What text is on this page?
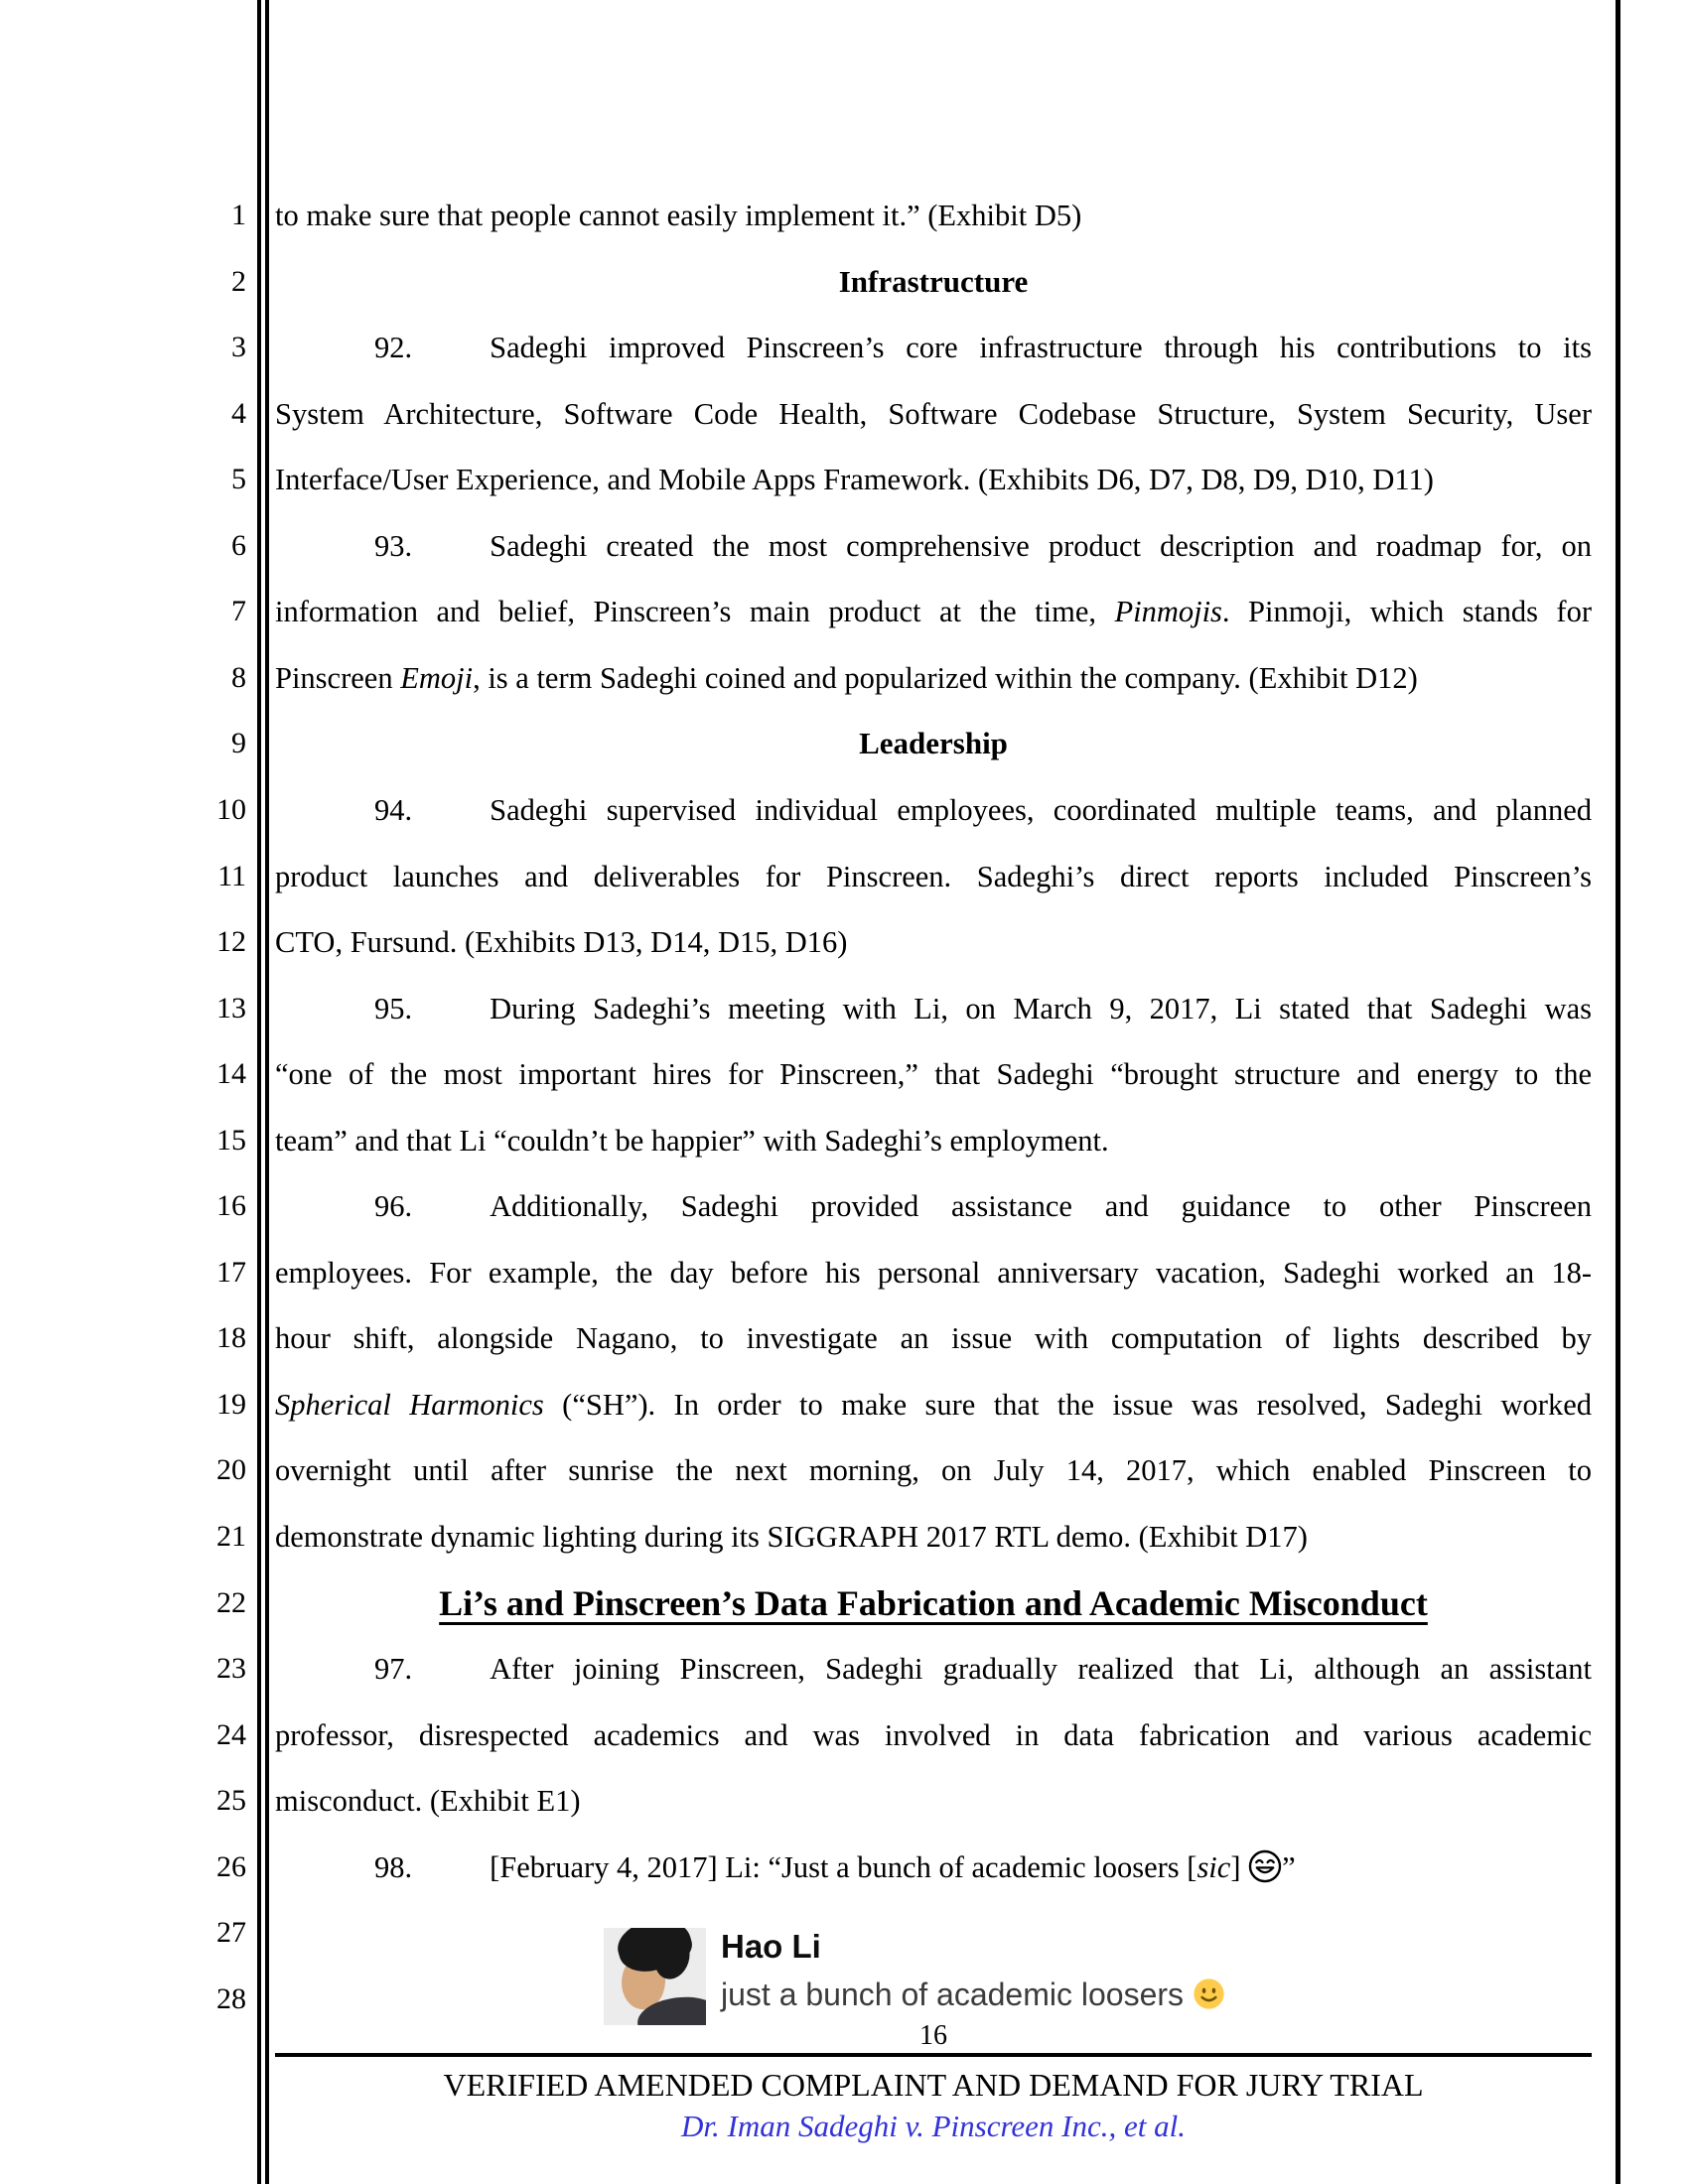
1
2
3
4
5
6
7
8
9
10
11
12
13
14
15
16
17
18
19
20
21
22
23
24
25
26
27
28
to make sure that people cannot easily implement it.” (Exhibit D5)
Infrastructure
92.	Sadeghi improved Pinscreen’s core infrastructure through his contributions to its
System Architecture, Software Code Health, Software Codebase Structure, System Security, User
Interface/User Experience, and Mobile Apps Framework. (Exhibits D6, D7, D8, D9, D10, D11)
93.	Sadeghi created the most comprehensive product description and roadmap for, on
information and belief, Pinscreen’s main product at the time, Pinmojis. Pinmoji, which stands for
Pinscreen Emoji, is a term Sadeghi coined and popularized within the company. (Exhibit D12)
Leadership
94.	Sadeghi supervised individual employees, coordinated multiple teams, and planned
product launches and deliverables for Pinscreen. Sadeghi’s direct reports included Pinscreen’s
CTO, Fursund. (Exhibits D13, D14, D15, D16)
95.	During Sadeghi’s meeting with Li, on March 9, 2017, Li stated that Sadeghi was
“one of the most important hires for Pinscreen,” that Sadeghi “brought structure and energy to the
team” and that Li “couldn’t be happier” with Sadeghi’s employment.
96.	Additionally, Sadeghi provided assistance and guidance to other Pinscreen
employees. For example, the day before his personal anniversary vacation, Sadeghi worked an 18-
hour shift, alongside Nagano, to investigate an issue with computation of lights described by
Spherical Harmonics (“SH”). In order to make sure that the issue was resolved, Sadeghi worked
overnight until after sunrise the next morning, on July 14, 2017, which enabled Pinscreen to
demonstrate dynamic lighting during its SIGGRAPH 2017 RTL demo. (Exhibit D17)
Li’s and Pinscreen’s Data Fabrication and Academic Misconduct
97.	After joining Pinscreen, Sadeghi gradually realized that Li, although an assistant
professor, disrespected academics and was involved in data fabrication and various academic
misconduct. (Exhibit E1)
98.	[February 4, 2017] Li: “Just a bunch of academic loosers [sic] ”
Hao Li
just a bunch of academic loosers
16
VERIFIED AMENDED COMPLAINT AND DEMAND FOR JURY TRIAL
Dr. Iman Sadeghi v. Pinscreen Inc., et al.
